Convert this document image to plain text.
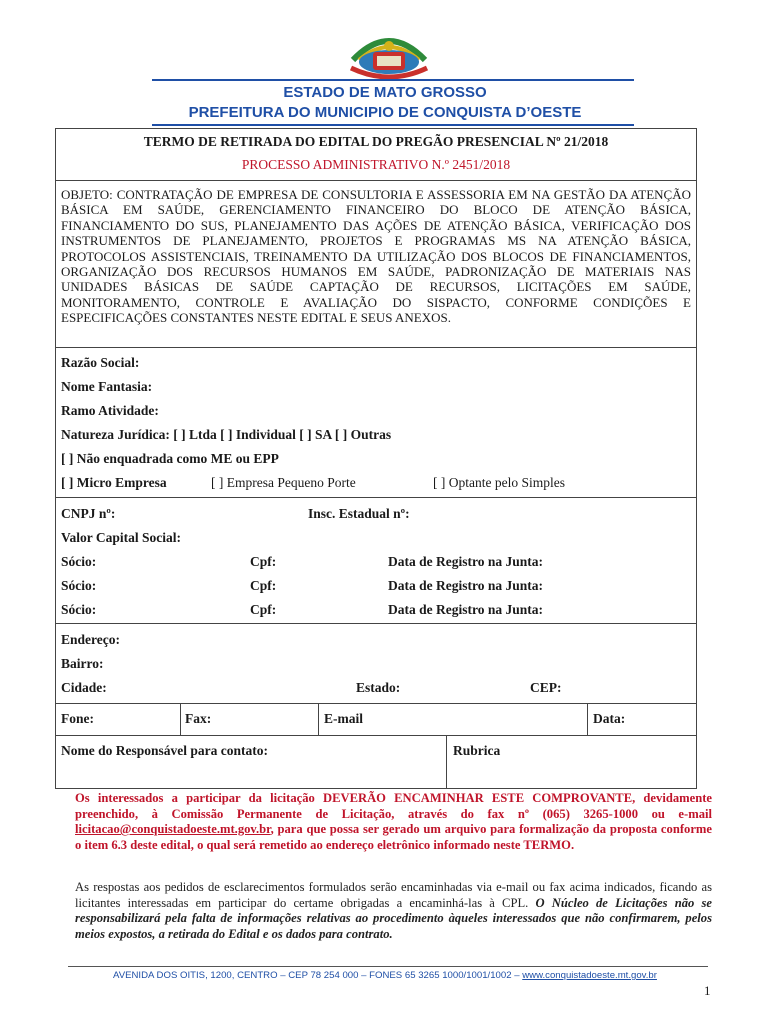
ESTADO DE MATO GROSSO
PREFEITURA DO MUNICIPIO DE CONQUISTA D’OESTE
TERMO DE RETIRADA DO EDITAL DO PREGÃO PRESENCIAL Nº 21/2018
PROCESSO ADMINISTRATIVO N.º 2451/2018
OBJETO: CONTRATAÇÃO DE EMPRESA DE CONSULTORIA E ASSESSORIA EM NA GESTÃO DA ATENÇÃO BÁSICA EM SAÚDE, GERENCIAMENTO FINANCEIRO DO BLOCO DE ATENÇÃO BÁSICA, FINANCIAMENTO DO SUS, PLANEJAMENTO DAS AÇÕES DE ATENÇÃO BÁSICA, VERIFICAÇÃO DOS INSTRUMENTOS DE PLANEJAMENTO, PROJETOS E PROGRAMAS MS NA ATENÇÃO BÁSICA, PROTOCOLOS ASSISTENCIAIS, TREINAMENTO DA UTILIZAÇÃO DOS BLOCOS DE FINANCIAMENTOS, ORGANIZAÇÃO DOS RECURSOS HUMANOS EM SAÚDE, PADRONIZAÇÃO DE MATERIAIS NAS UNIDADES BÁSICAS DE SAÚDE CAPTAÇÃO DE RECURSOS, LICITAÇÕES EM SAÚDE, MONITORAMENTO, CONTROLE E AVALIAÇÃO DO SISPACTO, CONFORME CONDIÇÕES E ESPECIFICAÇÕES CONSTANTES NESTE EDITAL E SEUS ANEXOS.
Razão Social:
Nome Fantasia:
Ramo Atividade:
Natureza Jurídica: [ ] Ltda [ ] Individual [ ] SA [ ] Outras
[ ] Não enquadrada como ME ou EPP
[ ] Micro Empresa	[ ] Empresa Pequeno Porte	[ ] Optante pelo Simples
CNPJ nº:	Insc. Estadual nº:
Valor Capital Social:
Sócio:	Cpf:	Data de Registro na Junta:
Sócio:	Cpf:	Data de Registro na Junta:
Sócio:	Cpf:	Data de Registro na Junta:
Endereço:
Bairro:
Cidade:	Estado:	CEP:
Fone:	Fax:	E-mail	Data:
Nome do Responsável para contato:	Rubrica
Os interessados a participar da licitação DEVERÃO ENCAMINHAR ESTE COMPROVANTE, devidamente preenchido, à Comissão Permanente de Licitação, através do fax nº (065) 3265-1000 ou e-mail licitacao@conquistadoeste.mt.gov.br, para que possa ser gerado um arquivo para formalização da proposta conforme o item 6.3 deste edital, o qual será remetido ao endereço eletrônico informado neste TERMO.
As respostas aos pedidos de esclarecimentos formulados serão encaminhadas via e-mail ou fax acima indicados, ficando as licitantes interessadas em participar do certame obrigadas a encaminhá-las à CPL. O Núcleo de Licitações não se responsabilizará pela falta de informações relativas ao procedimento àqueles interessados que não confirmarem, pelos meios expostos, a retirada do Edital e os dados para contrato.
AVENIDA DOS OITIS, 1200, CENTRO – CEP 78 254 000 – FONES 65 3265 1000/1001/1002 – www.conquistadoeste.mt.gov.br
1
